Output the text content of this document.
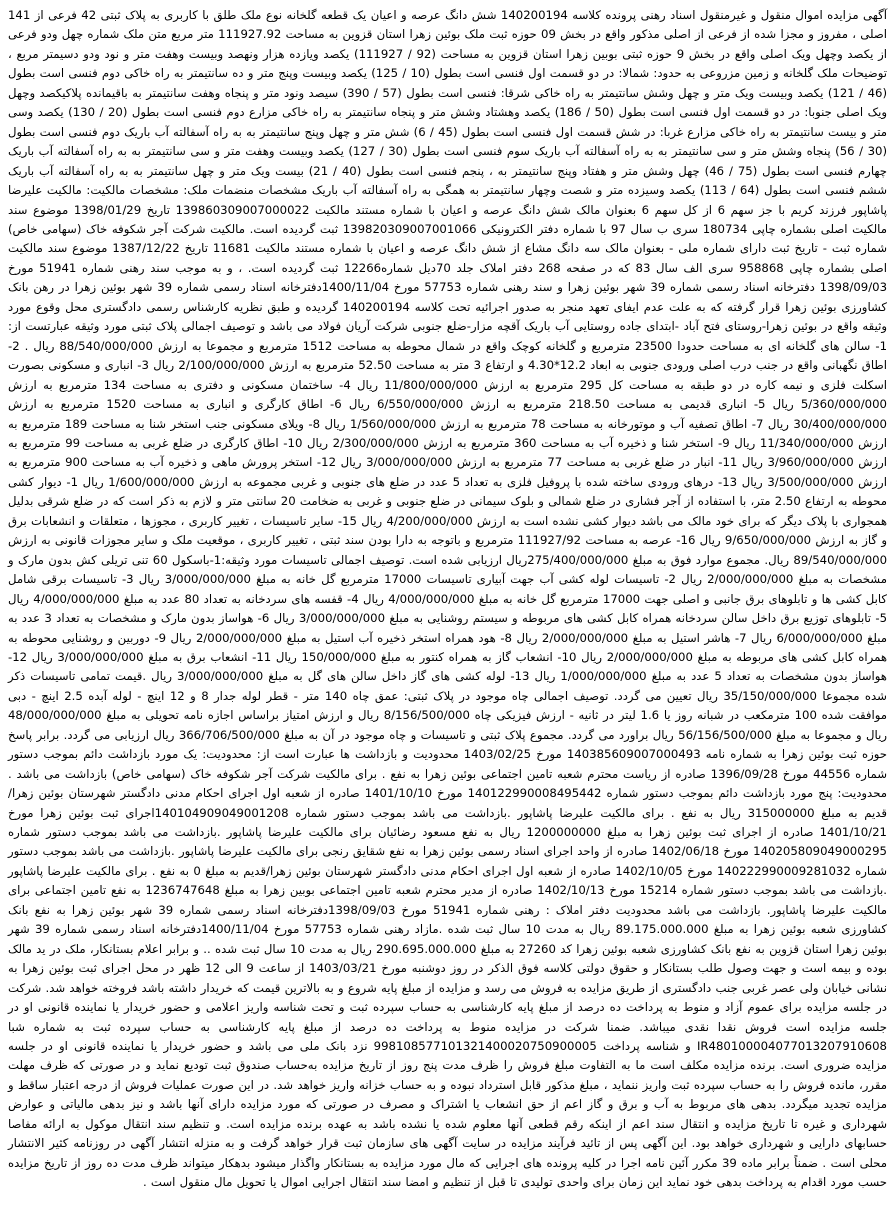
آگهی مزایده اموال منقول و غیرمنقول اسناد رهنی پرونده کلاسه 140200194 شش دانگ عرصه و اعیان یک قطعه گلخانه نوع ملک طلق با کاربری به پلاک ثبتی 42 فرعی از 141 اصلی ، مفروز و مجزا شده از فرعی از اصلی مذکور واقع در بخش 09 حوزه ثبت ملک بوئین زهرا استان قزوین به مساحت 111927.92 متر مربع متن ملک شماره چهل ودو فرعی از یکصد وچهل ویک اصلی واقع در بخش 9 حوزه ثبتی بوبین زهرا استان قزوین به مساحت (92 / 111927) یکصد ویازده هزار ونهصد وبیست وهفت متر و نود ودو دسیمتر مربع ، توضیحات ملک گلخانه و زمین مزروعی به حدود: شمالا: در دو قسمت اول فنسی است بطول (10 / 125) یکصد وبیست وپنج متر و ده سانتیمتر به راه خاکی دوم فنسی است بطول (46 / 121) یکصد وبیست ویک متر و چهل وشش سانتیمتر به راه خاکی شرقا: فنسی است بطول (57 / 390) سیصد ونود متر و پنجاه وهفت سانتیمتر به باقیمانده پلاکیکصد وچهل ویک اصلی جنوبا: در دو قسمت اول فنسی است بطول (50 / 186) یکصد وهشتاد وشش متر و پنجاه سانتیمتر به راه خاکی مزارع دوم فنسی است بطول (20 / 130) یکصد وسی متر و بیست سانتیمتر به راه خاکی مزارع غربا: در شش قسمت اول فنسی است بطول (45 / 6) شش متر و چهل وپنج سانتیمتر به به راه آسفالته آب باریک دوم فنسی است بطول (30 / 56) پنجاه وشش متر و سی سانتیمتر به به راه آسفالته آب باریک سوم فنسی است بطول (30 / 127) یکصد وبیست وهفت متر و سی سانتیمتر به به راه آسفالته آب باریک چهارم فنسی است بطول (75 / 46) چهل وشش متر و هفتاد وپنج سانتیمتر به ، پنجم فنسی است بطول (40 / 21) بیست ویک متر و چهل سانتیمتر به به راه آسفالته آب باریک ششم فنسی است بطول (64 / 113) یکصد وسیزده متر و شصت وچهار سانتیمتر به همگی به راه آسفالته آب باریک مشخصات منضمات ملک: مشخصات مالکیت: مالکیت علیرضا پاشاپور فرزند کریم با جز سهم 6 از کل سهم 6 بعنوان مالک شش دانگ عرصه و اعیان با شماره مستند مالکیت 139860309007000022 تاریخ 1398/01/29 موضوع سند مالکیت اصلی بشماره چاپی 180734 سری ب سال 97 با شماره دفتر الکترونیکی 139820309007001066 ثبت گردیده است. مالکیت شرکت آجر شکوفه خاک (سهامی خاص) شماره ثبت - تاریخ ثبت دارای شماره ملی - بعنوان مالک سه دانگ مشاع از شش دانگ عرصه و اعیان با شماره مستند مالکیت 11681 تاریخ 1387/12/22 موضوع سند مالکیت اصلی بشماره چاپی 958868 سری الف سال 83 که در صفحه 268 دفتر املاک جلد 70دیل شماره12266 ثبت گردیده است. ، و به موجب سند رهنی شماره 51941 مورخ 1398/09/03 دفترخانه اسناد رسمی شماره 39 شهر بوئین زهرا و سند رهنی شماره 57753 مورخ 1400/11/04دفترخانه اسناد رسمی شماره 39 شهر بوئین زهرا در رهن بانک کشاورزی بوئین زهرا قرار گرفته که به علت عدم ایفای تعهد منجر به صدور اجرائیه تحت کلاسه 140200194 گردیده و طبق نظریه کارشناس رسمی دادگستری محل وقوع مورد وثیقه واقع در بوئین زهرا-روستای فتح آباد -ابتدای جاده روستایی آب باریک آقچه مزار-ضلع جنوبی شرکت آریان فولاد می باشد و توصیف اجمالی پلاک ثبتی مورد وثیقه عبارتست از: 1- سالن های گلخانه ای به مساحت حدودا 23500 مترمربع و گلخانه کوچک واقع در شمال محوطه به مساحت 1512 مترمربع و مجموعا به ارزش 88/540/000/000 ریال . 2- اطاق نگهبانی واقع در جنب درب اصلی ورودی جنوبی به ابعاد 12.2*4.30 و ارتفاع 3 متر به مساحت 52.50 مترمربع به ارزش 2/100/000/000 ریال 3- انباری و مسکونی بصورت اسکلت فلزی و نیمه کاره در دو طبقه به مساحت کل 295 مترمربع به ارزش 11/800/000/000 ریال 4- ساختمان مسکونی و دفتری به مساحت 134 مترمربع به ارزش 5/360/000/000 ریال 5- انباری قدیمی به مساحت 218.50 مترمربع به ارزش 6/550/000/000 ریال 6- اطاق کارگری و انباری به مساحت 1520 مترمربع به ارزش 30/400/000/000 ریال 7- اطاق تصفیه آب و موتورخانه به مساحت 78 مترمربع به ارزش 1/560/000/000 ریال 8- ویلای مسکونی جنب استخر شنا به مساحت 189 مترمربع به ارزش 11/340/000/000 ریال 9- استخر شنا و ذخیره آب به مساحت 360 مترمربع به ارزش 2/300/000/000 ریال 10- اطاق کارگری در ضلع غربی به مساحت 99 مترمربع به ارزش 3/960/000/000 ریال 11- انبار در ضلع غربی به مساحت 77 مترمربع به ارزش 3/000/000/000 ریال 12- استخر پرورش ماهی و ذخیره آب به مساحت 900 مترمربع به ارزش 3/500/000/000 ریال 13- درهای ورودی ساخته شده با پروفیل فلزی به تعداد 5 عدد در ضلع های جنوبی و غربی مجموعه به ارزش 1/600/000/000 ریال 1- دیوار کشی محوطه به ارتفاع 2.50 متر، با استفاده از آجر فشاری در ضلع شمالی و بلوک سیمانی در ضلع جنوبی و غربی به ضخامت 20 سانتی متر و لازم به ذکر است که در ضلع شرقی بدلیل همجواری با پلاک دیگر که برای خود مالک می باشد دیوار کشی نشده است به ارزش 4/200/000/000 ریال 15- سایر تاسیسات ، تغییر کاربری ، مجوزها ، متعلقات و انشعابات برق و گاز به ارزش 9/650/000/000 ریال 16- عرصه به مساحت 111927/92 مترمربع و باتوجه به دارا بودن سند ثبتی ، تغییر کاربری ، موقعیت ملک و سایر مجوزات قانونی به ارزش 89/540/000/000 ریال. مجموع موارد فوق به مبلغ 275/400/000/000ریال ارزیابی شده است. توصیف اجمالی تاسیسات مورد وثیقه:1-باسکول 60 تنی تریلی کش بدون مارک و مشخصات به مبلغ 2/000/000/000 ریال 2- تاسیسات لوله کشی آب جهت آبیاری تاسیسات 17000 مترمربع گل خانه به مبلغ 3/000/000/000 ریال 3- تاسیسات برقی شامل کابل کشی ها و تابلوهای برق جانبی و اصلی جهت 17000 مترمربع گل خانه به مبلغ 4/000/000/000 ریال 4- قفسه های سردخانه به تعداد 80 عدد به مبلغ 4/000/000/000 ریال 5- تابلوهای توزیع برق داخل سالن سردخانه همراه کابل کشی های مربوطه و سیستم روشنایی به مبلغ 3/000/000/000 ریال 6- هواساز بدون مارک و مشخصات به تعداد 3 عدد به مبلغ 6/000/000/000 ریال 7- هاشر استیل به مبلغ 2/000/000/000 ریال 8- هود همراه استخر ذخیره آب استیل به مبلغ 2/000/000/000 ریال 9- دوربین و روشنایی محوطه به همراه کابل کشی های مربوطه به مبلغ 2/000/000/000 ریال 10- انشعاب گاز به همراه کنتور به مبلغ 150/000/000 ریال 11- انشعاب برق به مبلغ 3/000/000/000 ریال 12- هواساز بدون مشخصات به تعداد 5 عدد به مبلغ 1/000/000/000 ریال 13- لوله کشی های گاز داخل سالن های گل به مبلغ 3/000/000/000 ریال .قیمت تمامی تاسیسات ذکر شده مجموعا 35/150/000/000 ریال تعیین می گردد. توصیف اجمالی چاه موجود در پلاک ثبتی: عمق چاه 140 متر - قطر لوله جدار 8 و 12 اینچ - لوله آبده 2.5 اینچ - دبی موافقت شده 100 مترمکعب در شبانه روز یا 1.6 لیتر در ثانیه - ارزش فیزیکی چاه 8/156/500/000 ریال و ارزش امتیاز براساس اجازه نامه تحویلی به مبلغ 48/000/000/000 ریال و مجموعا به مبلغ 56/156/500/000 ریال براورد می گردد. مجموع پلاک ثبتی و تاسیسات و چاه موجود در آن به مبلغ 366/706/500/000 ریال ارزیابی می گردد. برابر پاسخ حوزه ثبت بوئین زهرا به شماره نامه 140385609007000493 مورخ 1403/02/25 محدودیت و بازداشت ها عبارت است از: محدودیت: یک مورد بازداشت دائم بموجب دستور شماره 44556 مورخ 1396/09/28 صادره از ریاست محترم شعبه تامین اجتماعی بوئین زهرا به نفع . برای مالکیت شرکت آجر شکوفه خاک (سهامی خاص) بازداشت می باشد . محدودیت: پنج مورد بازداشت دائم بموجب دستور شماره 140122990008495442 مورخ 1401/10/10 صادره از شعبه اول اجرای احکام مدنی دادگستر شهرستان بوئین زهرا/قدیم به مبلغ 315000000 ریال به نفع . برای مالکیت علیرضا پاشاپور .بازداشت می باشد بموجب دستور شماره 140104909049001208اجرای ثبت بوئین زهرا مورخ 1401/10/21 صادره از اجرای ثبت بوئین زهرا به مبلغ 1200000000 ریال به نفع مسعود رضائیان برای مالکیت علیرضا پاشاپور .بازداشت می باشد بموجب دستور شماره 140205809049000295 مورخ 1402/06/18 صادره از واحد اجرای اسناد رسمی بوئین زهرا به نفع شقایق رنجی برای مالکیت علیرضا پاشاپور .بازداشت می باشد بموجب دستور شماره 140222990009281032 مورخ 1402/10/05 صادره از شعبه اول اجرای احکام مدنی دادگستر شهرستان بوئین زهرا/قدیم به مبلغ 0 به نفع . برای مالکیت علیرضا پاشاپور .بازداشت می باشد بموجب دستور شماره 15214 مورخ 1402/10/13 صادره از مدیر محترم شعبه تامین اجتماعی بوبین زهرا به مبلغ 1236747648 به نفع تامین اجتماعی برای مالکیت علیرضا پاشاپور. بازداشت می باشد محدودیت دفتر املاک : رهنی شماره 51941 مورخ 1398/09/03دفترخانه اسناد رسمی شماره 39 شهر بوئین زهرا به نفع بانک کشاورزی شعبه بوئین زهرا به مبلغ 89.175.000.000 ریال به مدت 10 سال ثبت شده .مازاد رهنی شماره 57753 مورخ 1400/11/04دفترخانه اسناد رسمی شماره 39 شهر بوئین زهرا استان قزوین به نفع بانک کشاورزی شعبه بوئین زهرا کد 27260 به مبلغ 290.695.000.000 ریال به مدت 10 سال ثبت شده .. و برابر اعلام بستانکار، ملک در ید مالک بوده و بیمه است و جهت وصول طلب بستانکار و حقوق دولتی کلاسه فوق الذکر در روز دوشنبه مورخ 1403/03/21 از ساعت 9 الی 12 ظهر در محل اجرای ثبت بوئین زهرا به نشانی خیابان ولی عصر غربی جنب دادگستری از طریق مزایده به فروش می رسد و مزایده از مبلغ پایه شروع و به بالاترین قیمت که خریدار داشته باشد فروخته خواهد شد. شرکت در جلسه مزایده برای عموم آزاد و منوط به پرداخت ده درصد از مبلغ پایه کارشناسی به حساب سپرده ثبت و تحت شناسه واریز اعلامی و حضور خریدار یا نماینده قانونی او در جلسه مزایده است فروش نقدا نقدی میباشد. ضمنا شرکت در مزایده منوط به پرداخت ده درصد از مبلغ پایه کارشناسی به حساب سپرده ثبت به شماره شبا IR480100004077013207910608 و شناسه پرداخت 998108577101321400020750900005 نزد بانک ملی می باشد و حضور خریدار یا نماینده قانونی او در جلسه مزایده ضروری است. برنده مزایده مکلف است ما به التفاوت مبلغ فروش را ظرف مدت پنج روز از تاریخ مزایده به‌حساب صندوق ثبت تودیع نماید و در صورتی که ظرف مهلت مقرر، مانده فروش را به حساب سپرده ثبت واریز ننماید ، مبلغ مذکور قابل استرداد نبوده و به حساب خزانه واریز خواهد شد. در این صورت عملیات فروش از درجه اعتبار ساقط و مزایده تجدید میگردد. بدهی های مربوط به آب و برق و گاز اعم از حق انشعاب یا اشتراک و مصرف در صورتی که مورد مزایده دارای آنها باشد و نیز بدهی مالیاتی و عوارض شهرداری و غیره تا تاریخ مزایده و انتقال سند اعم از اینکه رقم قطعی آنها معلوم شده یا نشده باشد به عهده برنده مزایده است. و تنظیم سند انتقال موکول به ارائه مفاصا حسابهای دارایی و شهرداری خواهد بود. این آگهی پس از تائید فرآیند مزایده در سایت آگهی های سازمان ثبت قرار خواهد گرفت و به منزله انتشار آگهی در روزنامه کثیر الانتشار محلی است . ضمناً برابر ماده 39 مکرر آئین نامه اجرا در کلیه پرونده های اجرایی که مال مورد مزایده به بستانکار واگذار میشود بدهکار میتواند ظرف مدت ده روز از تاریخ مزایده حسب مورد اقدام به پرداخت بدهی خود نماید این زمان برای واحدی تولیدی تا قبل از تنظیم و امضا سند انتقال اجرایی اموال یا تحویل مال منقول است .
